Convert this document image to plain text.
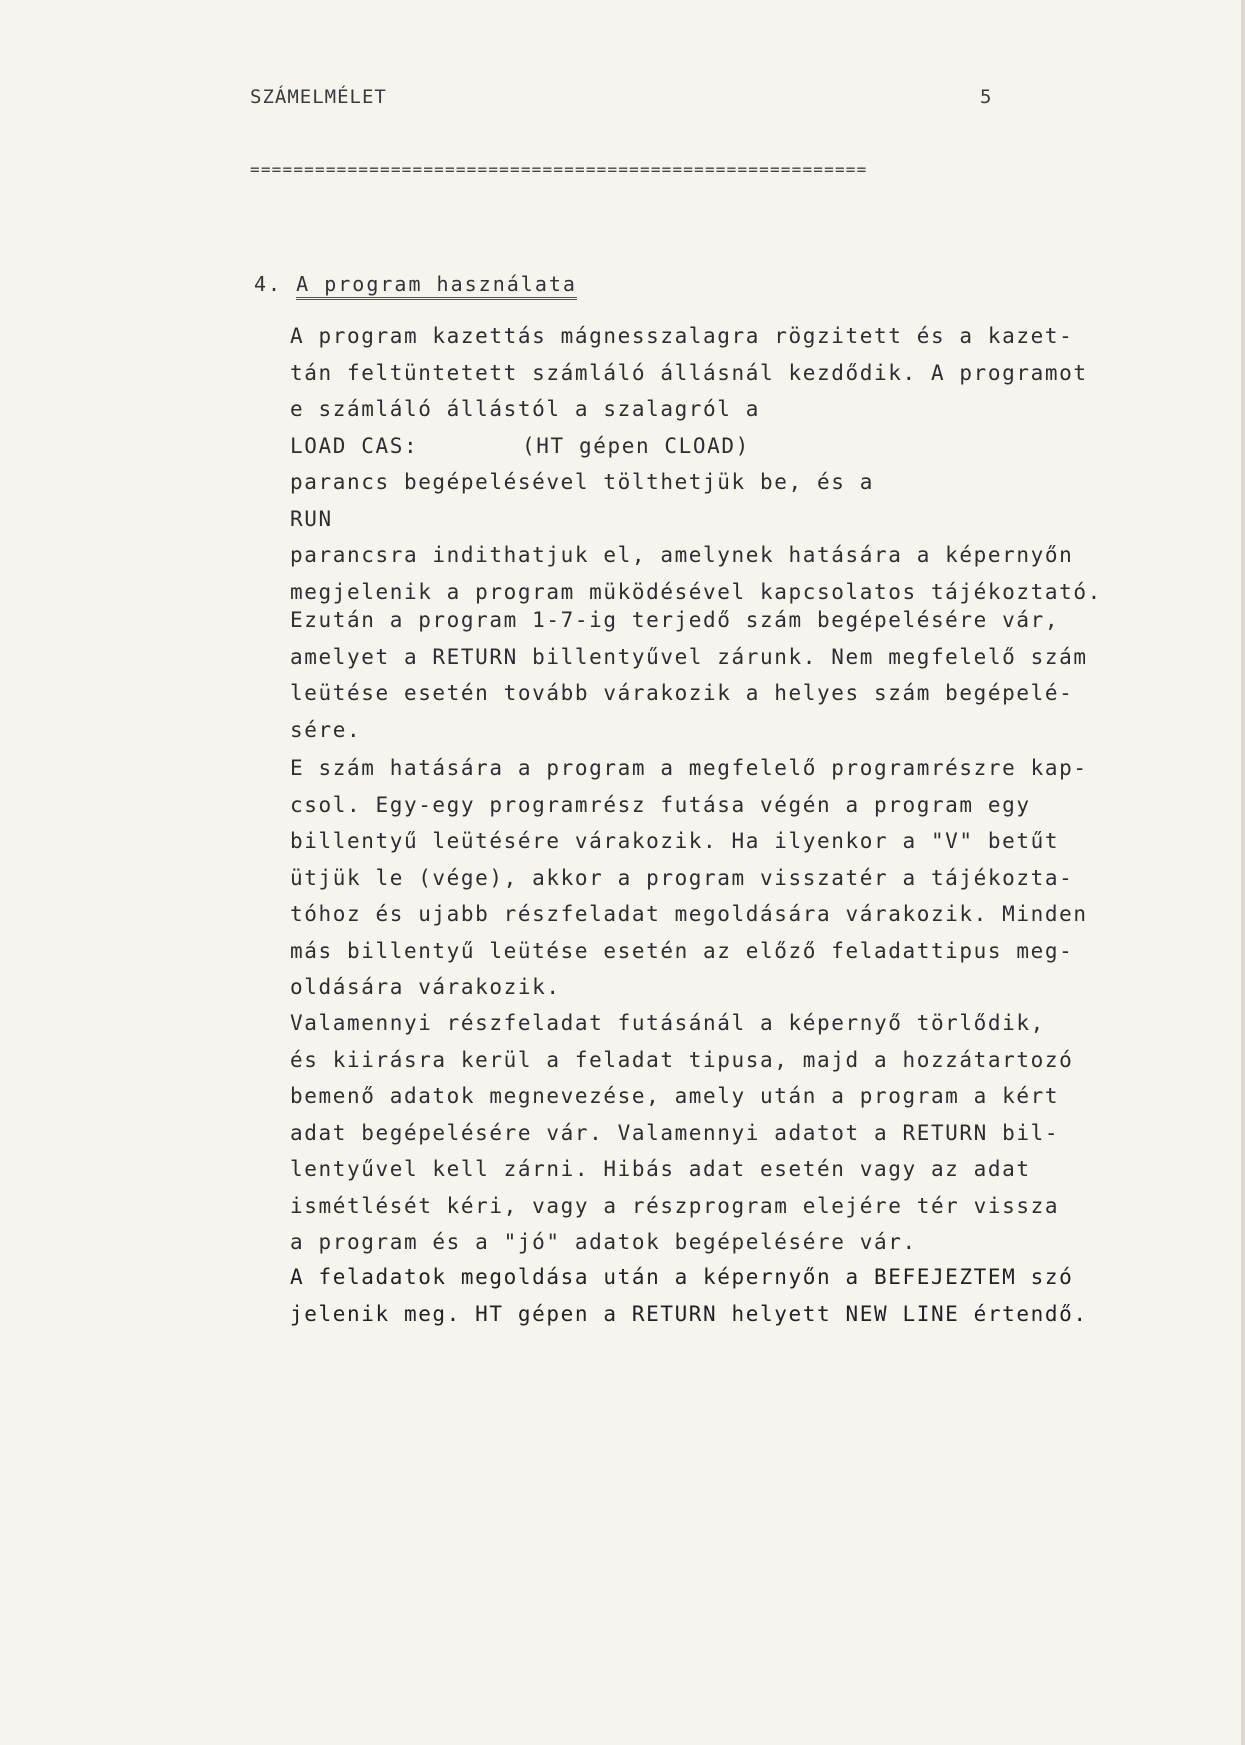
SZÁMELMÉLET	5
=========================================================
4. A program használata
A program kazettás mágnesszalagra rögzitett és a kazet-
tán feltüntetett számláló állásnál kezdődik. A programot
e számláló állástól a szalagról a
LOAD CAS:	(HT gépen CLOAD)
parancs begépelésével tölthetjük be, és a
RUN
parancsra indithatjuk el, amelynek hatására a képernyőn
megjelenik a program müködésével kapcsolatos tájékoztató.
Ezután a program 1-7-ig terjedő szám begépelésére vár,
amelyet a RETURN billentyűvel zárunk. Nem megfelelő szám
leütése esetén tovább várakozik a helyes szám begépelé-
sére.
E szám hatására a program a megfelelő programrészre kap-
csol. Egy-egy programrész futása végén a program egy
billentyű leütésére várakozik. Ha ilyenkor a "V" betűt
ütjük le (vége), akkor a program visszatér a tájékozta-
tóhoz és ujabb részfeladat megoldására várakozik. Minden
más billentyű leütése esetén az előző feladattipus meg-
oldására várakozik.
Valamennyi részfeladat futásánál a képernyő törlődik,
és kiirásra kerül a feladat tipusa, majd a hozzátartozó
bemenő adatok megnevezése, amely után a program a kért
adat begépelésére vár. Valamennyi adatot a RETURN bil-
lentyűvel kell zárni. Hibás adat esetén vagy az adat
ismétlését kéri, vagy a részprogram elejére tér vissza
a program és a "jó" adatok begépelésére vár.
A feladatok megoldása után a képernyőn a BEFEJEZTEM szó
jelenik meg. HT gépen a RETURN helyett NEW LINE értendő.
